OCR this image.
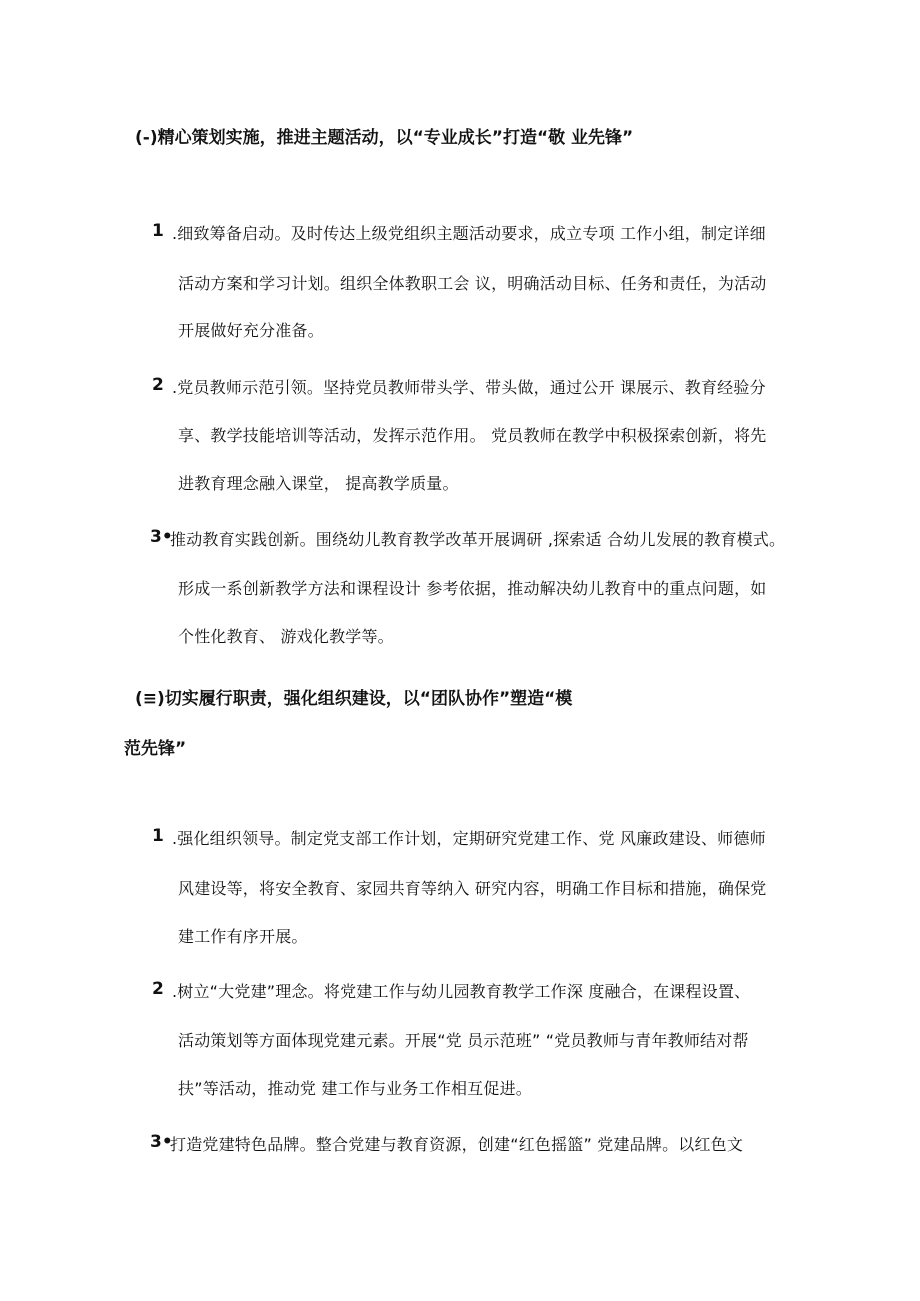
(-)精心策划实施，推进主题活动，以“专业成长”打造“敬 业先锋”
1 .细致筹备启动。及时传达上级党组织主题活动要求，成立专项 工作小组，制定详细
活动方案和学习计划。组织全体教职工会 议，明确活动目标、任务和责任，为活动
开展做好充分准备。
2 .党员教师示范引领。坚持党员教师带头学、带头做，通过公开 课展示、教育经验分
享、教学技能培训等活动，发挥示范作用。 党员教师在教学中积极探索创新，将先
进教育理念融入课堂， 提高教学质量。
3•
推动教育实践创新。围绕幼儿教育教学改革开展调研 ,探索适 合幼儿发展的教育模式。
形成一系创新教学方法和课程设计 参考依据，推动解决幼儿教育中的重点问题，如
个性化教育、 游戏化教学等。
(≡)切实履行职责，强化组织建设，以“团队协作”塑造“模
范先锋”
1 .强化组织领导。制定党支部工作计划，定期研究党建工作、党 风廉政建设、师德师
风建设等，将安全教育、家园共育等纳入 研究内容，明确工作目标和措施，确保党
建工作有序开展。
2 .树立“大党建”理念。将党建工作与幼儿园教育教学工作深 度融合，在课程设置、
活动策划等方面体现党建元素。开展“党 员示范班” “党员教师与青年教师结对帮
扶”等活动，推动党 建工作与业务工作相互促进。
3•
打造党建特色品牌。整合党建与教育资源，创建“红色摇篮” 党建品牌。以红色文
